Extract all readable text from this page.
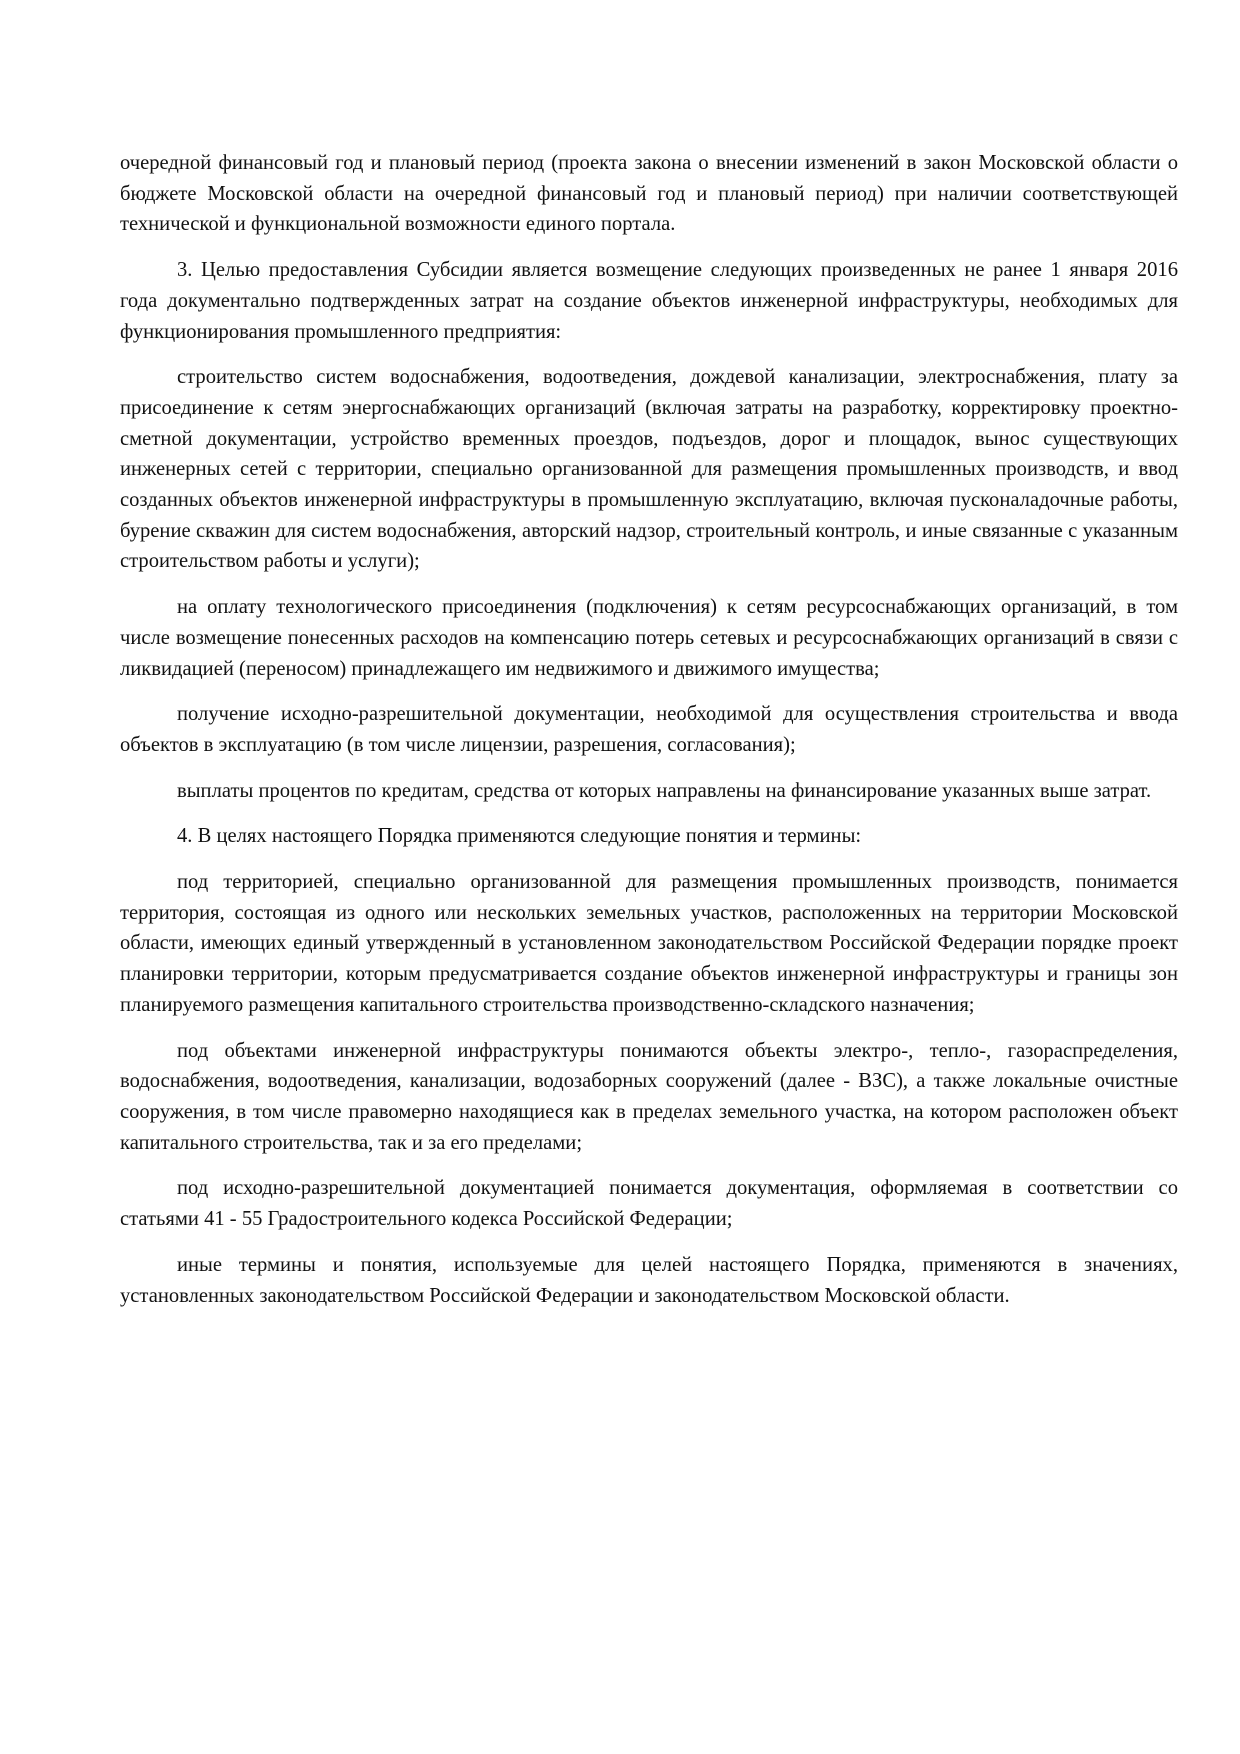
очередной финансовый год и плановый период (проекта закона о внесении изменений в закон Московской области о бюджете Московской области на очередной финансовый год и плановый период) при наличии соответствующей технической и функциональной возможности единого портала.

3. Целью предоставления Субсидии является возмещение следующих произведенных не ранее 1 января 2016 года документально подтвержденных затрат на создание объектов инженерной инфраструктуры, необходимых для функционирования промышленного предприятия:

строительство систем водоснабжения, водоотведения, дождевой канализации, электроснабжения, плату за присоединение к сетям энергоснабжающих организаций (включая затраты на разработку, корректировку проектно-сметной документации, устройство временных проездов, подъездов, дорог и площадок, вынос существующих инженерных сетей с территории, специально организованной для размещения промышленных производств, и ввод созданных объектов инженерной инфраструктуры в промышленную эксплуатацию, включая пусконаладочные работы, бурение скважин для систем водоснабжения, авторский надзор, строительный контроль, и иные связанные с указанным строительством работы и услуги);

на оплату технологического присоединения (подключения) к сетям ресурсоснабжающих организаций, в том числе возмещение понесенных расходов на компенсацию потерь сетевых и ресурсоснабжающих организаций в связи с ликвидацией (переносом) принадлежащего им недвижимого и движимого имущества;

получение исходно-разрешительной документации, необходимой для осуществления строительства и ввода объектов в эксплуатацию (в том числе лицензии, разрешения, согласования);

выплаты процентов по кредитам, средства от которых направлены на финансирование указанных выше затрат.

4. В целях настоящего Порядка применяются следующие понятия и термины:

под территорией, специально организованной для размещения промышленных производств, понимается территория, состоящая из одного или нескольких земельных участков, расположенных на территории Московской области, имеющих единый утвержденный в установленном законодательством Российской Федерации порядке проект планировки территории, которым предусматривается создание объектов инженерной инфраструктуры и границы зон планируемого размещения капитального строительства производственно-складского назначения;

под объектами инженерной инфраструктуры понимаются объекты электро-, тепло-, газораспределения, водоснабжения, водоотведения, канализации, водозаборных сооружений (далее - ВЗС), а также локальные очистные сооружения, в том числе правомерно находящиеся как в пределах земельного участка, на котором расположен объект капитального строительства, так и за его пределами;

под исходно-разрешительной документацией понимается документация, оформляемая в соответствии со статьями 41 - 55 Градостроительного кодекса Российской Федерации;

иные термины и понятия, используемые для целей настоящего Порядка, применяются в значениях, установленных законодательством Российской Федерации и законодательством Московской области.
